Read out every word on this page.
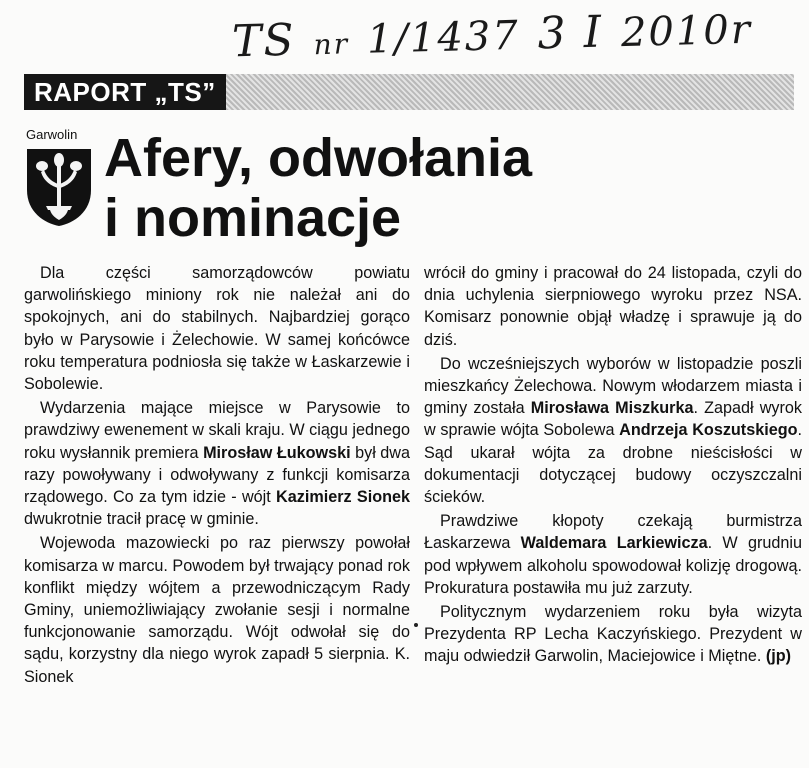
TS nr 1/1437 3 I 2010r
RAPORT „TS”
Garwolin Afery, odwołania
i nominacje

Dla części samorządowców powiatu garwolińskiego miniony rok nie należał ani do spokojnych, ani do stabilnych. Najbardziej gorąco było w Parysowie i Żelechowie. W samej końcówce roku temperatura podniosła się także w Łaskarzewie i Sobolewie.

Wydarzenia mające miejsce w Parysowie to prawdziwy ewenement w skali kraju. W ciągu jednego roku wysłannik premiera Mirosław Łukowski był dwa razy powoływany i odwoływany z funkcji komisarza rządowego. Co za tym idzie - wójt Kazimierz Sionek dwukrotnie tracił pracę w gminie.

Wojewoda mazowiecki po raz pierwszy powołał komisarza w marcu. Powodem był trwający ponad rok konflikt między wójtem a przewodniczącym Rady Gminy, uniemożliwiający zwołanie sesji i normalne funkcjonowanie samorządu. Wójt odwołał się do sądu, korzystny dla niego wyrok zapadł 5 sierpnia. K. Sionek

wrócił do gminy i pracował do 24 listopada, czyli do dnia uchylenia sierpniowego wyroku przez NSA. Komisarz ponownie objął władzę i sprawuje ją do dziś.

Do wcześniejszych wyborów w listopadzie poszli mieszkańcy Żelechowa. Nowym włodarzem miasta i gminy została Mirosława Miszkurka. Zapadł wyrok w sprawie wójta Sobolewa Andrzeja Koszutskiego. Sąd ukarał wójta za drobne nieścisłości w dokumentacji dotyczącej budowy oczyszczalni ścieków.

Prawdziwe kłopoty czekają burmistrza Łaskarzewa Waldemara Larkiewicza. W grudniu pod wpływem alkoholu spowodował kolizję drogową. Prokuratura postawiła mu już zarzuty.

Politycznym wydarzeniem roku była wizyta Prezydenta RP Lecha Kaczyńskiego. Prezydent w maju odwiedził Garwolin, Maciejowice i Miętne. (jp)
